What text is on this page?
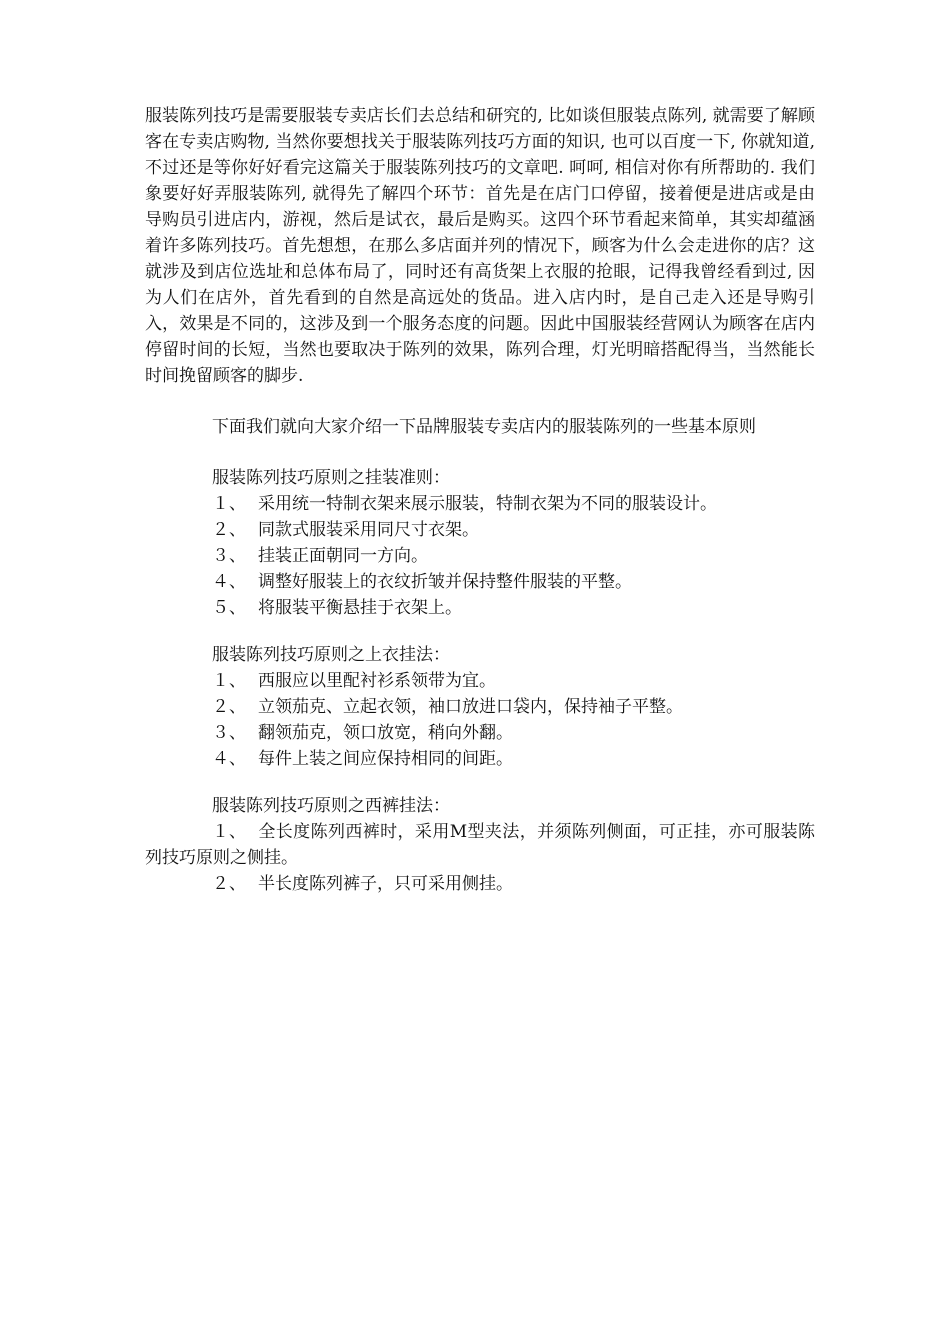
服装陈列技巧是需要服装专卖店长们去总结和研究的, 比如谈但服装点陈列, 就需要了解顾客在专卖店购物, 当然你要想找关于服装陈列技巧方面的知识, 也可以百度一下, 你就知道, 不过还是等你好好看完这篇关于服装陈列技巧的文章吧. 呵呵, 相信对你有所帮助的. 我们象要好好弄服装陈列, 就得先了解四个环节：首先是在店门口停留，接着便是进店或是由导购员引进店内，游视，然后是试衣，最后是购买。这四个环节看起来简单，其实却蕴涵着许多陈列技巧。首先想想，在那么多店面并列的情况下，顾客为什么会走进你的店？这就涉及到店位选址和总体布局了，同时还有高货架上衣服的抢眼，记得我曾经看到过, 因为人们在店外，首先看到的自然是高远处的货品。进入店内时，是自己走入还是导购引入，效果是不同的，这涉及到一个服务态度的问题。因此中国服装经营网认为顾客在店内停留时间的长短，当然也要取决于陈列的效果，陈列合理，灯光明暗搭配得当，当然能长时间挽留顾客的脚步.

下面我们就向大家介绍一下品牌服装专卖店内的服装陈列的一些基本原则

服装陈列技巧原则之挂装准则：

１、 采用统一特制衣架来展示服装，特制衣架为不同的服装设计。

２、 同款式服装采用同尺寸衣架。

３、 挂装正面朝同一方向。

４、 调整好服装上的衣纹折皱并保持整件服装的平整。

５、 将服装平衡悬挂于衣架上。

服装陈列技巧原则之上衣挂法：

１、 西服应以里配衬衫系领带为宜。

２、 立领茄克、立起衣领，袖口放进口袋内，保持袖子平整。

３、 翻领茄克，领口放宽，稍向外翻。

４、 每件上装之间应保持相同的间距。

服装陈列技巧原则之西裤挂法：

１、 全长度陈列西裤时，采用M型夹法，并须陈列侧面，可正挂，亦可服装陈列技巧原则之侧挂。

２、 半长度陈列裤子，只可采用侧挂。
